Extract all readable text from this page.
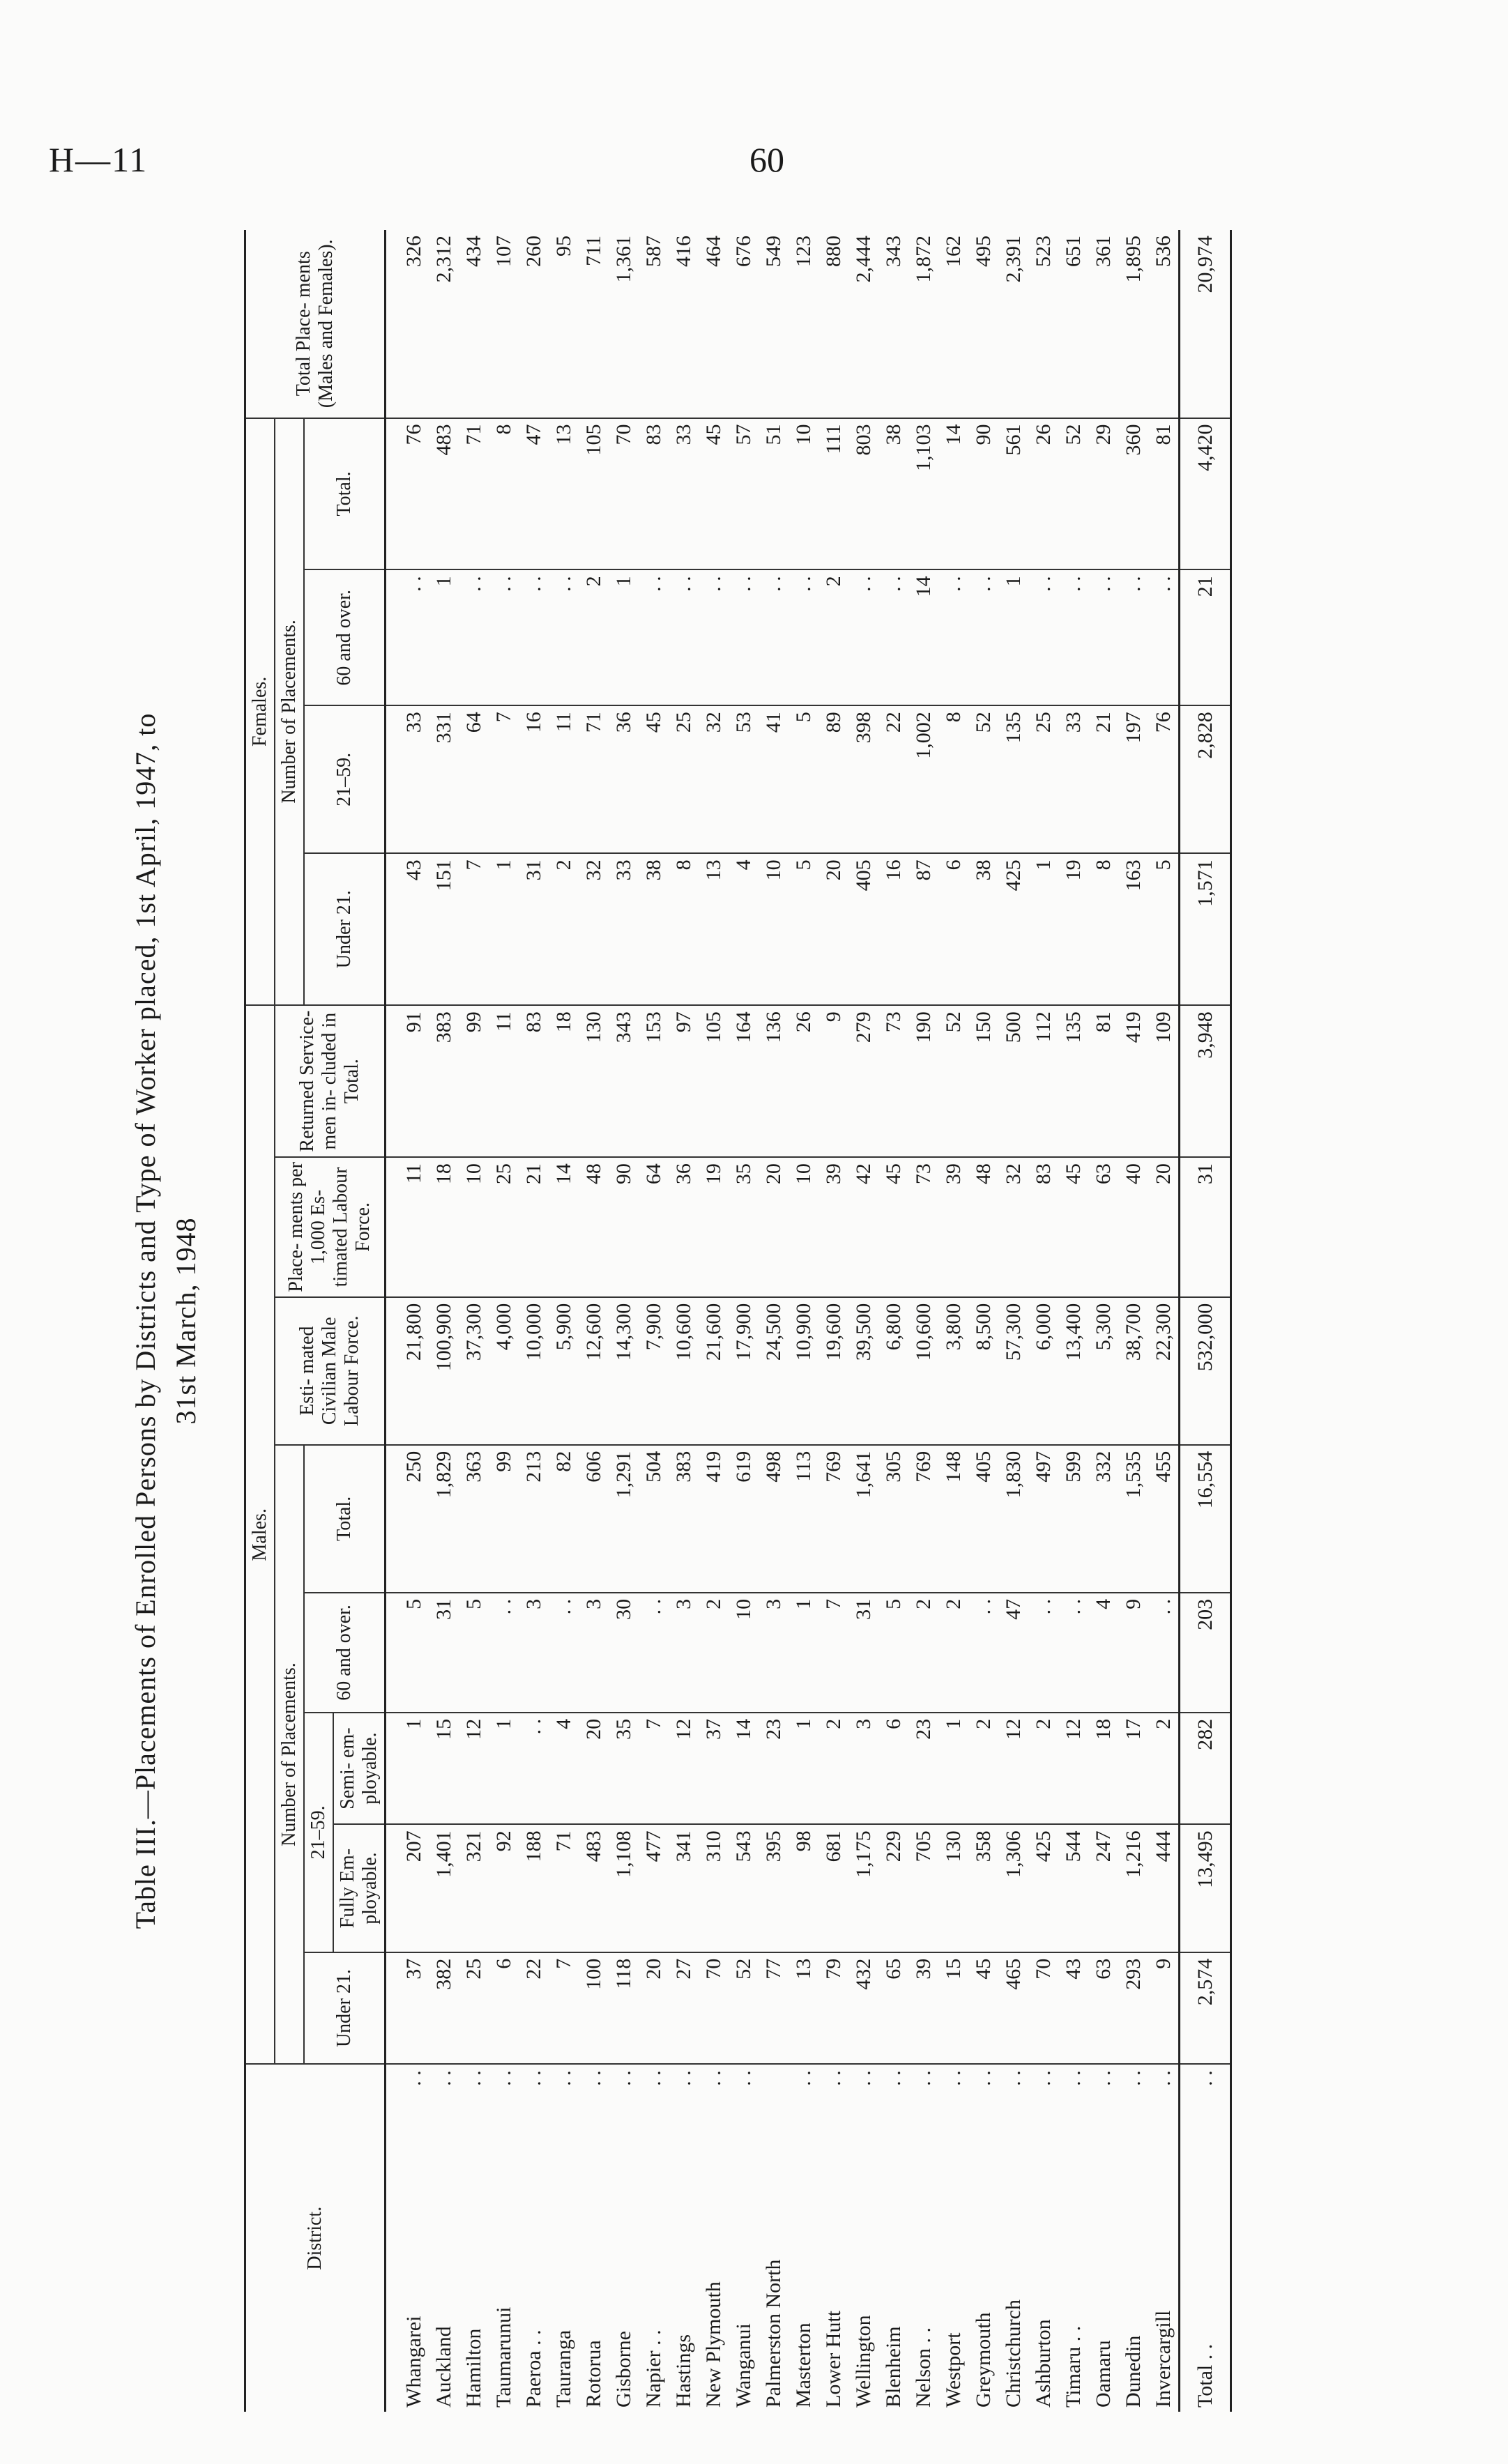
H—11	60
Table III.—Placements of Enrolled Persons by Districts and Type of Worker placed, 1st April, 1947, to 31st March, 1948
District.		Males.								Females.				Total Place- ments (Males and Females).
		Number of Placements.					Esti- mated Civilian Male Labour Force.	Place- ments per 1,000 Es- timated Labour Force.	Returned Service- men in- cluded in Total.	Number of Placements.				
		Under 21.	21–59.		60 and over.	Total.				Under 21.	21–59.	60 and over.	Total.	
			Fully Em- ployable.	Semi- em- ployable.										
Whangarei	. .	37	207	1	5	250	21,800	11	91	43	33	. .	76	326
Auckland	. .	382	1,401	15	31	1,829	100,900	18	383	151	331	1	483	2,312
Hamilton	. .	25	321	12	5	363	37,300	10	99	7	64	. .	71	434
Taumarunui	. .	6	92	1	. .	99	4,000	25	11	1	7	. .	8	107
Paeroa . .	. .	22	188	. .	3	213	10,000	21	83	31	16	. .	47	260
Tauranga	. .	7	71	4	. .	82	5,900	14	18	2	11	. .	13	95
Rotorua	. .	100	483	20	3	606	12,600	48	130	32	71	2	105	711
Gisborne	. .	118	1,108	35	30	1,291	14,300	90	343	33	36	1	70	1,361
Napier . .	. .	20	477	7	. .	504	7,900	64	153	38	45	. .	83	587
Hastings	. .	27	341	12	3	383	10,600	36	97	8	25	. .	33	416
New Plymouth	. .	70	310	37	2	419	21,600	19	105	13	32	. .	45	464
Wanganui	. .	52	543	14	10	619	17,900	35	164	4	53	. .	57	676
Palmerston North		77	395	23	3	498	24,500	20	136	10	41	. .	51	549
Masterton	. .	13	98	1	1	113	10,900	10	26	5	5	. .	10	123
Lower Hutt	. .	79	681	2	7	769	19,600	39	9	20	89	2	111	880
Wellington	. .	432	1,175	3	31	1,641	39,500	42	279	405	398	. .	803	2,444
Blenheim	. .	65	229	6	5	305	6,800	45	73	16	22	. .	38	343
Nelson . .	. .	39	705	23	2	769	10,600	73	190	87	1,002	14	1,103	1,872
Westport	. .	15	130	1	2	148	3,800	39	52	6	8	. .	14	162
Greymouth	. .	45	358	2	. .	405	8,500	48	150	38	52	. .	90	495
Christchurch	. .	465	1,306	12	47	1,830	57,300	32	500	425	135	1	561	2,391
Ashburton	. .	70	425	2	. .	497	6,000	83	112	1	25	. .	26	523
Timaru . .	. .	43	544	12	. .	599	13,400	45	135	19	33	. .	52	651
Oamaru	. .	63	247	18	4	332	5,300	63	81	8	21	. .	29	361
Dunedin	. .	293	1,216	17	9	1,535	38,700	40	419	163	197	. .	360	1,895
Invercargill	. .	9	444	2	. .	455	22,300	20	109	5	76	. .	81	536
Total . .	. .	2,574	13,495	282	203	16,554	532,000	31	3,948	1,571	2,828	21	4,420	20,974
